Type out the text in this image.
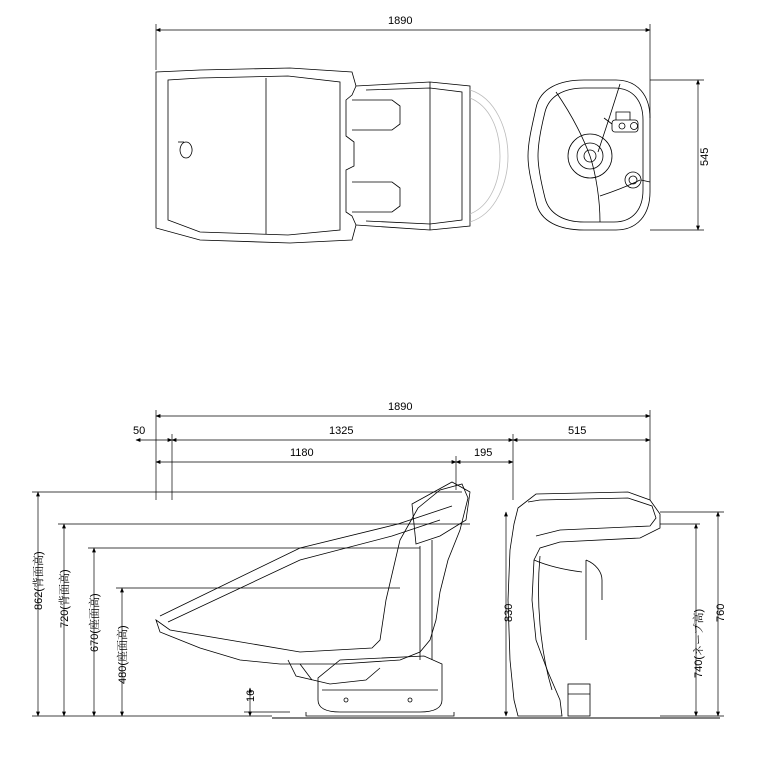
1890
545
1890
50	1325	515
1180	195
830	760
862(背面高) 720(背面高) 670(座面高)
480(座面高)	740(ネープ高)
16
